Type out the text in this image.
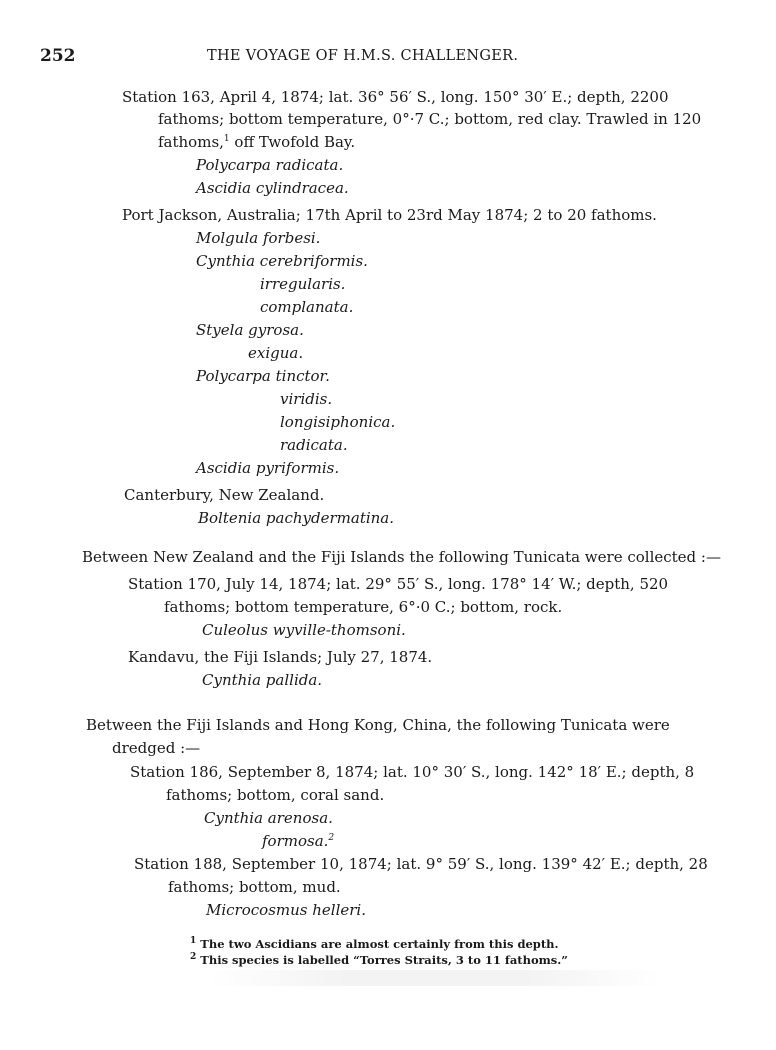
252	THE VOYAGE OF H.M.S. CHALLENGER.
Station 163, April 4, 1874; lat. 36° 56′ S., long. 150° 30′ E.; depth, 2200
fathoms; bottom temperature, 0°·7 C.; bottom, red clay. Trawled in 120
fathoms,$^1$ off Twofold Bay.
Polycarpa radicata.
Ascidia cylindracea.
Port Jackson, Australia; 17th April to 23rd May 1874; 2 to 20 fathoms.
Molgula forbesi.
Cynthia cerebriformis.
irregularis.
complanata.
Styela gyrosa.
exigua.
Polycarpa tinctor.
viridis.
longisiphonica.
radicata.
Ascidia pyriformis.
Canterbury, New Zealand.
Boltenia pachydermatina.
Between New Zealand and the Fiji Islands the following Tunicata were collected :—
Station 170, July 14, 1874; lat. 29° 55′ S., long. 178° 14′ W.; depth, 520
fathoms; bottom temperature, 6°·0 C.; bottom, rock.
Culeolus wyville-thomsoni.
Kandavu, the Fiji Islands; July 27, 1874.
Cynthia pallida.
Between the Fiji Islands and Hong Kong, China, the following Tunicata were
dredged :—
Station 186, September 8, 1874; lat. 10° 30′ S., long. 142° 18′ E.; depth, 8
fathoms; bottom, coral sand.
Cynthia arenosa.
formosa.$^2$
Station 188, September 10, 1874; lat. 9° 59′ S., long. 139° 42′ E.; depth, 28
fathoms; bottom, mud.
Microcosmus helleri.
$^1$ The two Ascidians are almost certainly from this depth.
$^2$ This species is labelled “Torres Straits, 3 to 11 fathoms.”
